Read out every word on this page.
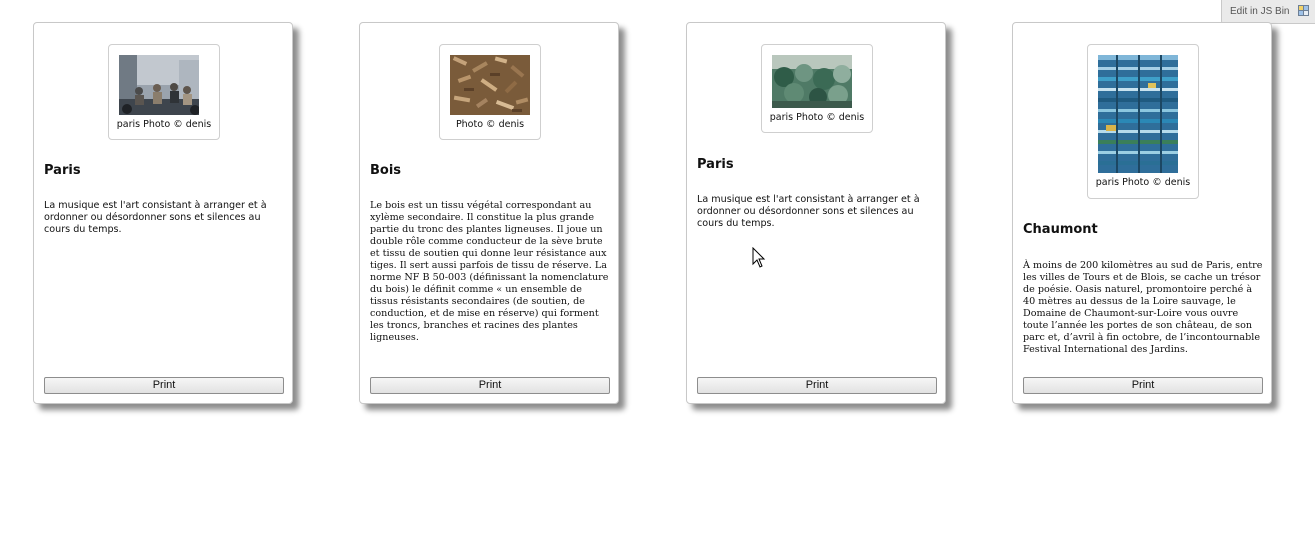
Edit in JS Bin
paris Photo © denis
Paris
La musique est l'art consistant à arranger et à ordonner ou désordonner sons et silences au cours du temps.
Print
Photo © denis
Bois
Le bois est un tissu végétal correspondant au xylème secondaire. Il constitue la plus grande partie du tronc des plantes ligneuses. Il joue un double rôle comme conducteur de la sève brute et tissu de soutien qui donne leur résistance aux tiges. Il sert aussi parfois de tissu de réserve. La norme NF B 50-003 (définissant la nomenclature du bois) le définit comme « un ensemble de tissus résistants secondaires (de soutien, de conduction, et de mise en réserve) qui forment les troncs, branches et racines des plantes ligneuses.
Print
paris Photo © denis
Paris
La musique est l'art consistant à arranger et à ordonner ou désordonner sons et silences au cours du temps.
Print
paris Photo © denis
Chaumont
À moins de 200 kilomètres au sud de Paris, entre les villes de Tours et de Blois, se cache un trésor de poésie. Oasis naturel, promontoire perché à 40 mètres au dessus de la Loire sauvage, le Domaine de Chaumont-sur-Loire vous ouvre toute l’année les portes de son château, de son parc et, d’avril à fin octobre, de l’incontournable Festival International des Jardins.
Print
